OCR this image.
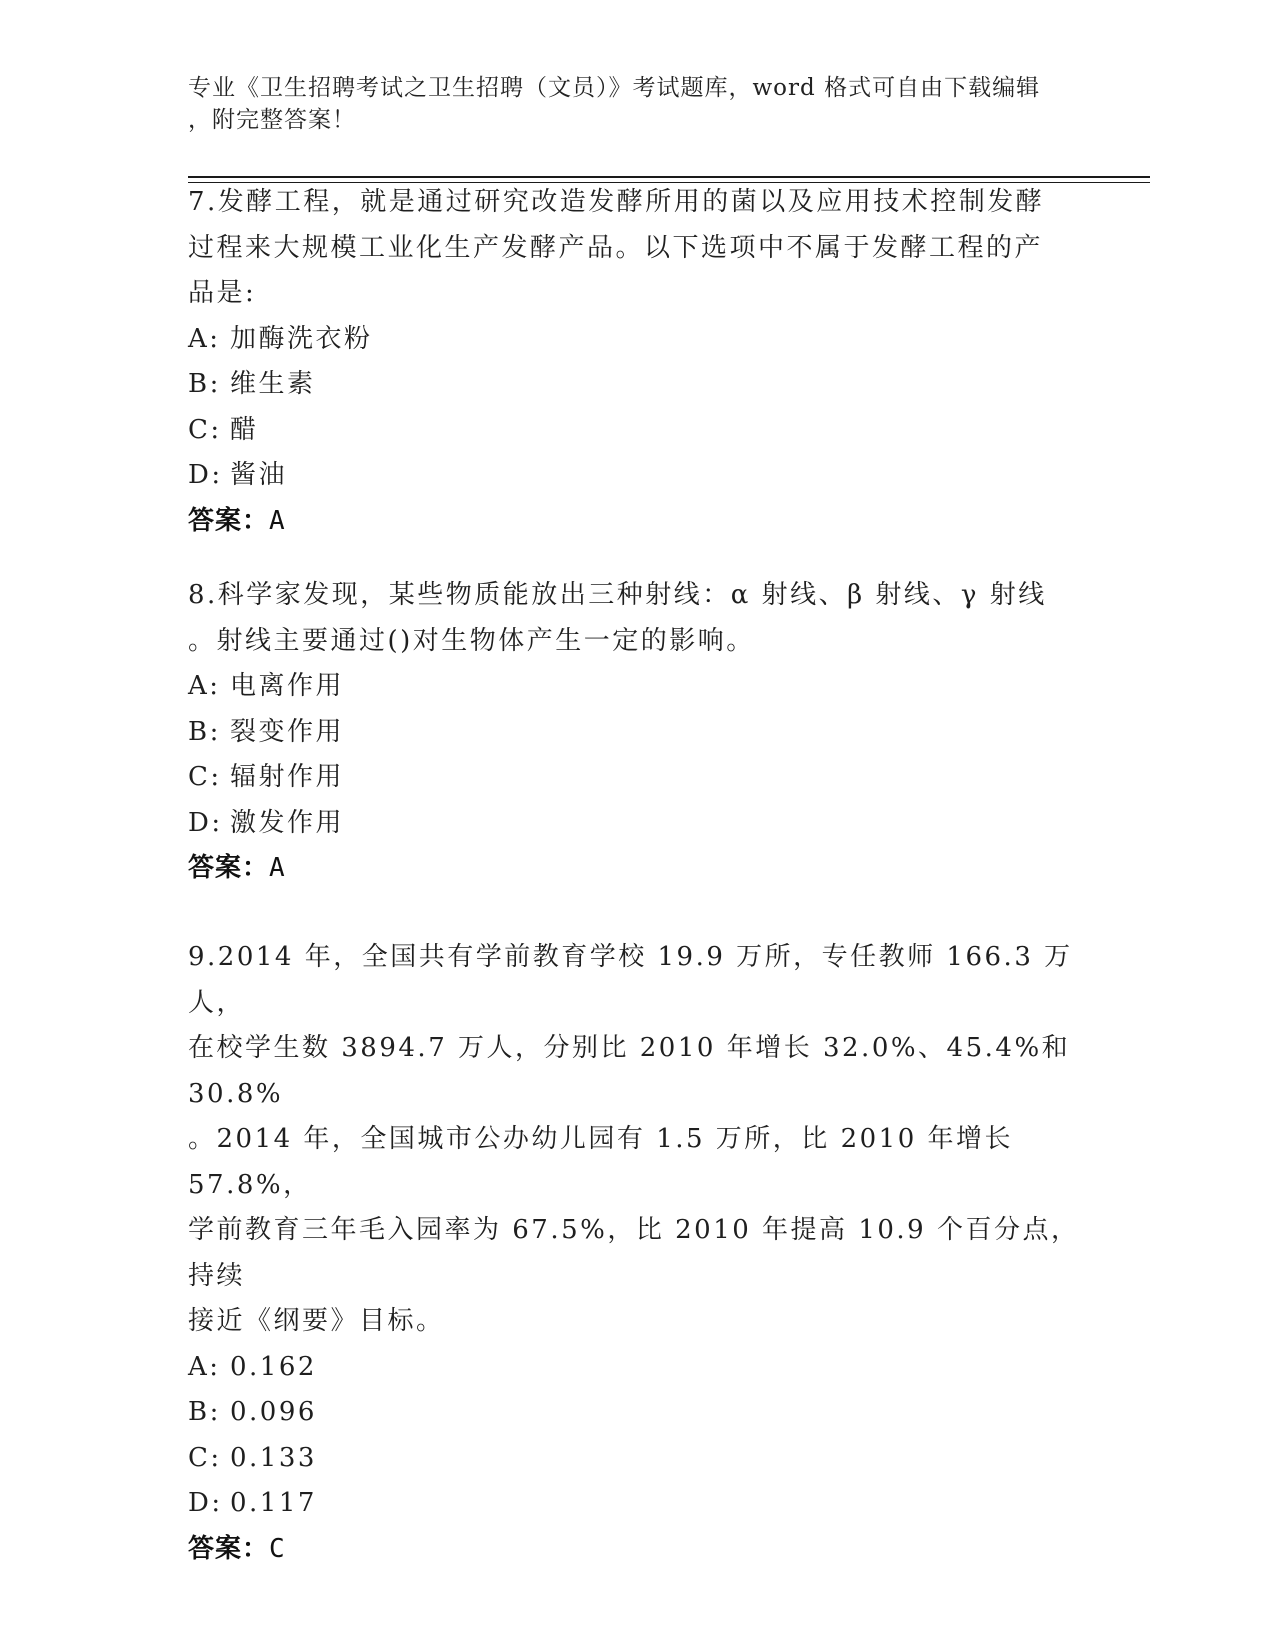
专业《卫生招聘考试之卫生招聘（文员）》考试题库，word 格式可自由下载编辑
，附完整答案！

7.发酵工程，就是通过研究改造发酵所用的菌以及应用技术控制发酵

过程来大规模工业化生产发酵产品。以下选项中不属于发酵工程的产

品是:

A: 加酶洗衣粉

B: 维生素

C: 醋

D: 酱油

答案：A

8.科学家发现，某些物质能放出三种射线：α 射线、β 射线、γ 射线

。射线主要通过()对生物体产生一定的影响。

A: 电离作用

B: 裂变作用

C: 辐射作用

D: 激发作用

答案：A

9.2014 年，全国共有学前教育学校 19.9 万所，专任教师 166.3 万人，

在校学生数 3894.7 万人，分别比 2010 年增长 32.0%、45.4%和 30.8%

。2014 年，全国城市公办幼儿园有 1.5 万所，比 2010 年增长 57.8%，

学前教育三年毛入园率为 67.5%，比 2010 年提高 10.9 个百分点，持续

接近《纲要》目标。

A: 0.162

B: 0.096

C: 0.133

D: 0.117

答案：C
